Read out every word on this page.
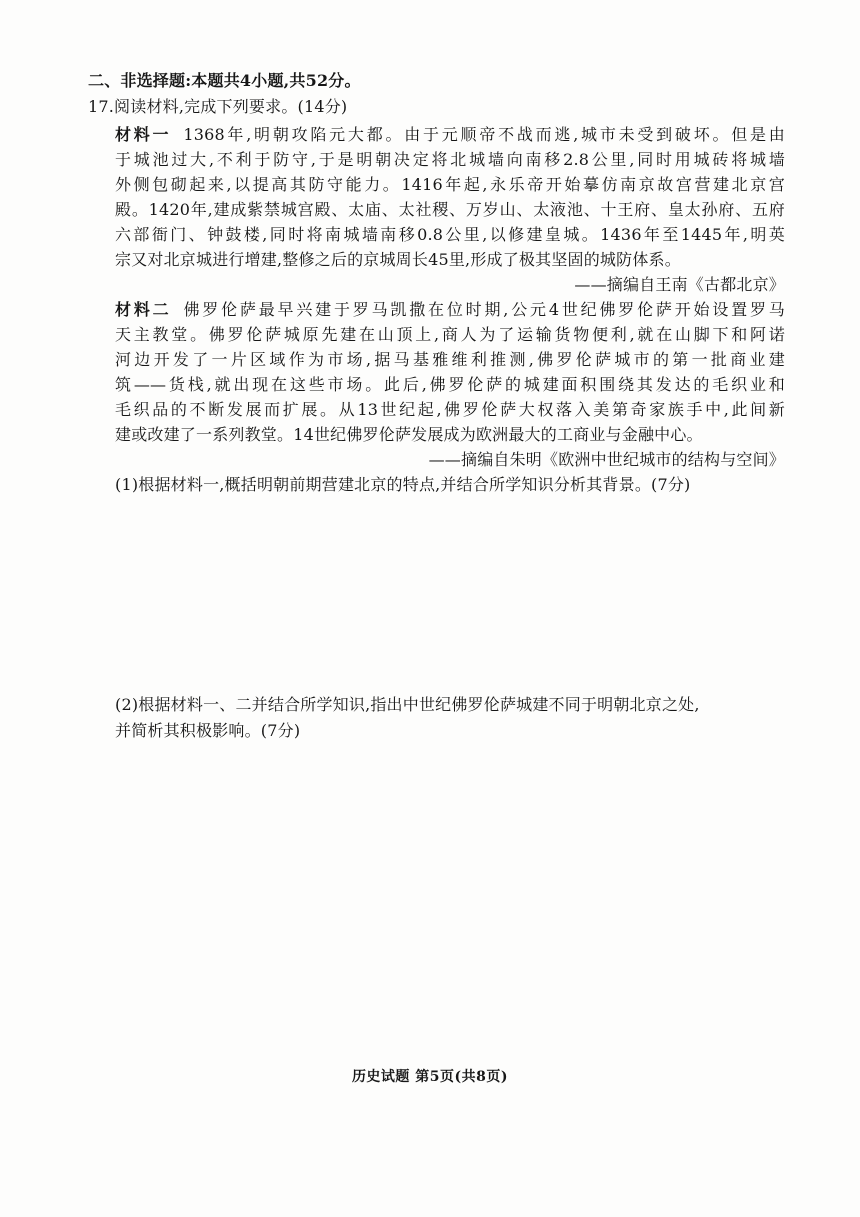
二、非选择题:本题共4小题,共52分。
17.阅读材料,完成下列要求。(14分)
材料一 1368年,明朝攻陷元大都。由于元顺帝不战而逃,城市未受到破坏。但是由
于城池过大,不利于防守,于是明朝决定将北城墙向南移2.8公里,同时用城砖将城墙
外侧包砌起来,以提高其防守能力。1416年起,永乐帝开始摹仿南京故宫营建北京宫
殿。1420年,建成紫禁城宫殿、太庙、太社稷、万岁山、太液池、十王府、皇太孙府、五府
六部衙门、钟鼓楼,同时将南城墙南移0.8公里,以修建皇城。1436年至1445年,明英
宗又对北京城进行增建,整修之后的京城周长45里,形成了极其坚固的城防体系。
——摘编自王南《古都北京》
材料二 佛罗伦萨最早兴建于罗马凯撒在位时期,公元4世纪佛罗伦萨开始设置罗马
天主教堂。佛罗伦萨城原先建在山顶上,商人为了运输货物便利,就在山脚下和阿诺
河边开发了一片区域作为市场,据马基雅维利推测,佛罗伦萨城市的第一批商业建
筑——货栈,就出现在这些市场。此后,佛罗伦萨的城建面积围绕其发达的毛织业和
毛织品的不断发展而扩展。从13世纪起,佛罗伦萨大权落入美第奇家族手中,此间新
建或改建了一系列教堂。14世纪佛罗伦萨发展成为欧洲最大的工商业与金融中心。
——摘编自朱明《欧洲中世纪城市的结构与空间》
(1)根据材料一,概括明朝前期营建北京的特点,并结合所学知识分析其背景。(7分)
(2)根据材料一、二并结合所学知识,指出中世纪佛罗伦萨城建不同于明朝北京之处,
并简析其积极影响。(7分)
历史试题 第5页(共8页)
